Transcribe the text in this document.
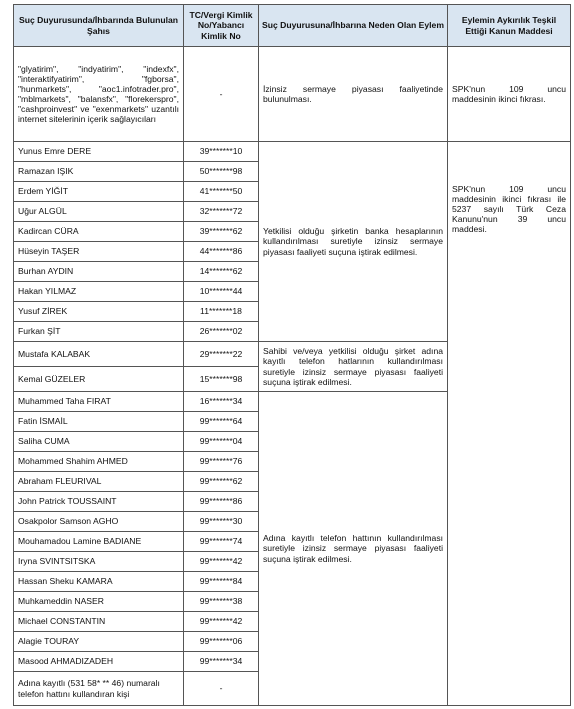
Suç Duyurusunda/İhbarında Bulunulan Şahıs	TC/Vergi Kimlik No/Yabancı Kimlik No	Suç Duyurusuna/İhbarına Neden Olan Eylem	Eylemin Aykırılık Teşkil Ettiği Kanun Maddesi
"glyatirim", "indyatirim", "indexfx", "interaktifyatirim", "fgborsa", "hunmarkets", "aoc1.infotrader.pro", "mblmarkets", "balansfx", "florekerspro", "cashproinvest" ve "exenmarkets" uzantılı internet sitelerinin içerik sağlayıcıları	-	İzinsiz sermaye piyasası faaliyetinde bulunulması.	SPK'nun 109 uncu maddesinin ikinci fıkrası.
Yunus Emre DERE	39*******10	Yetkilisi olduğu şirketin banka hesaplarının kullandırılması suretiyle izinsiz sermaye piyasası faaliyeti suçuna iştirak edilmesi.	SPK'nun 109 uncu maddesinin ikinci fıkrası ile 5237 sayılı Türk Ceza Kanunu'nun 39 uncu maddesi.
Ramazan IŞIK	50*******98		
Erdem YİĞİT	41*******50		
Uğur ALGÜL	32*******72		
Kadircan CÜRA	39*******62		
Hüseyin TAŞER	44*******86		
Burhan AYDIN	14*******62		
Hakan YILMAZ	10*******44		
Yusuf ZİREK	11*******18		
Furkan ŞİT	26*******02		
Mustafa KALABAK	29*******22	Sahibi ve/veya yetkilisi olduğu şirket adına kayıtlı telefon hatlarının kullandırılması suretiyle izinsiz sermaye piyasası faaliyeti suçuna iştirak edilmesi.	
Kemal GÜZELER	15*******98		
Muhammed Taha FIRAT	16*******34	Adına kayıtlı telefon hattının kullandırılması suretiyle izinsiz sermaye piyasası faaliyeti suçuna iştirak edilmesi.	
Fatin İSMAİL	99*******64		
Saliha CUMA	99*******04		
Mohammed Shahim AHMED	99*******76		
Abraham FLEURIVAL	99*******62		
John Patrick TOUSSAINT	99*******86		
Osakpolor Samson AGHO	99*******30		
Mouhamadou Lamine BADIANE	99*******74		
Iryna SVINTSITSKA	99*******42		
Hassan Sheku KAMARA	99*******84		
Muhkameddin NASER	99*******38		
Michael CONSTANTIN	99*******42		
Alagie TOURAY	99*******06		
Masood AHMADIZADEH	99*******34		
Adına kayıtlı (531 58* ** 46) numaralı telefon hattını kullandıran kişi	-		
